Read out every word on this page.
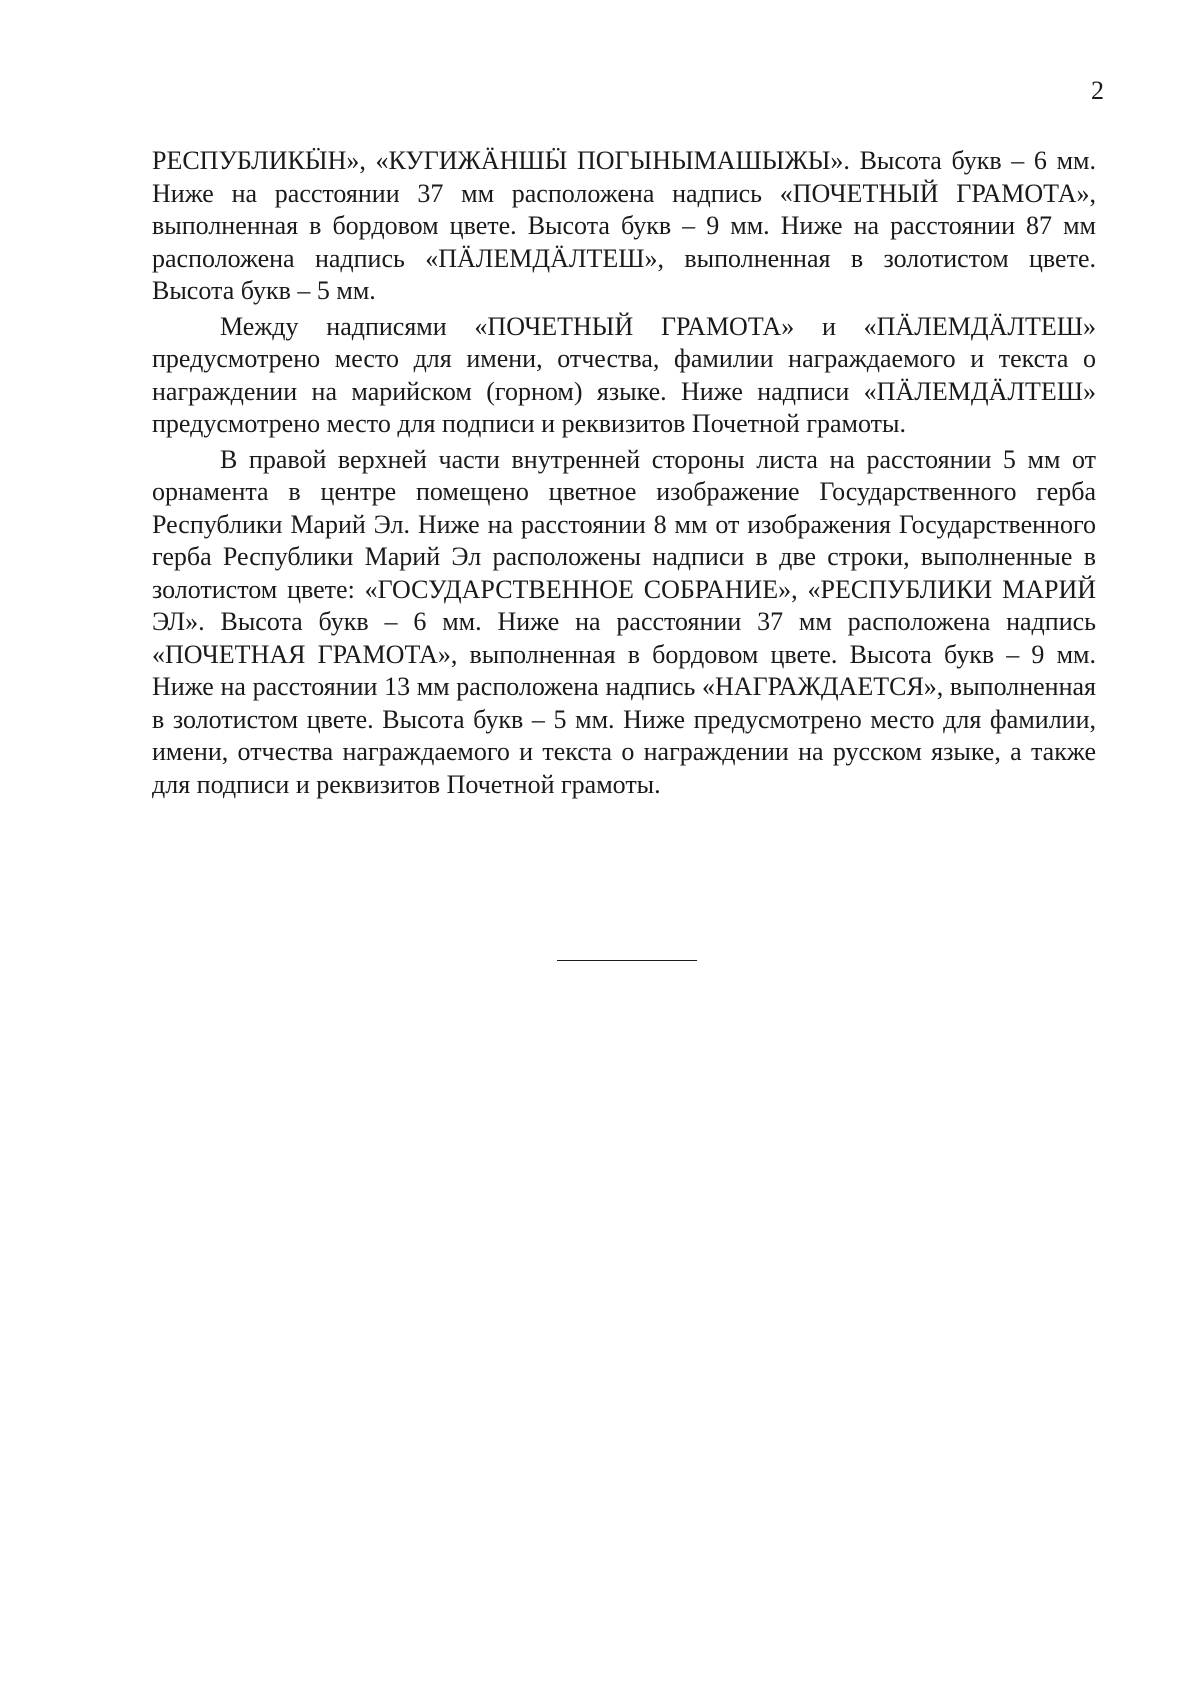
2

РЕСПУБЛИКӸН», «КУГИЖÄНШӸ ПОГЫНЫМАШЫЖЫ». Высота букв – 6 мм. Ниже на расстоянии 37 мм расположена надпись «ПОЧЕТНЫЙ ГРАМОТА», выполненная в бордовом цвете. Высота букв – 9 мм. Ниже на расстоянии 87 мм расположена надпись «ПÄЛЕМДÄЛТЕШ», выполненная в золотистом цвете. Высота букв – 5 мм.

Между надписями «ПОЧЕТНЫЙ ГРАМОТА» и «ПÄЛЕМДÄЛТЕШ» предусмотрено место для имени, отчества, фамилии награждаемого и текста о награждении на марийском (горном) языке. Ниже надписи «ПÄЛЕМДÄЛТЕШ» предусмотрено место для подписи и реквизитов Почетной грамоты.

В правой верхней части внутренней стороны листа на расстоянии 5 мм от орнамента в центре помещено цветное изображение Государственного герба Республики Марий Эл. Ниже на расстоянии 8 мм от изображения Государственного герба Республики Марий Эл расположены надписи в две строки, выполненные в золотистом цвете: «ГОСУДАРСТВЕННОЕ СОБРАНИЕ», «РЕСПУБЛИКИ МАРИЙ ЭЛ». Высота букв – 6 мм. Ниже на расстоянии 37 мм расположена надпись «ПОЧЕТНАЯ ГРАМОТА», выполненная в бордовом цвете. Высота букв – 9 мм. Ниже на расстоянии 13 мм расположена надпись «НАГРАЖДАЕТСЯ», выполненная в золотистом цвете. Высота букв – 5 мм. Ниже предусмотрено место для фамилии, имени, отчества награждаемого и текста о награждении на русском языке, а также для подписи и реквизитов Почетной грамоты.
